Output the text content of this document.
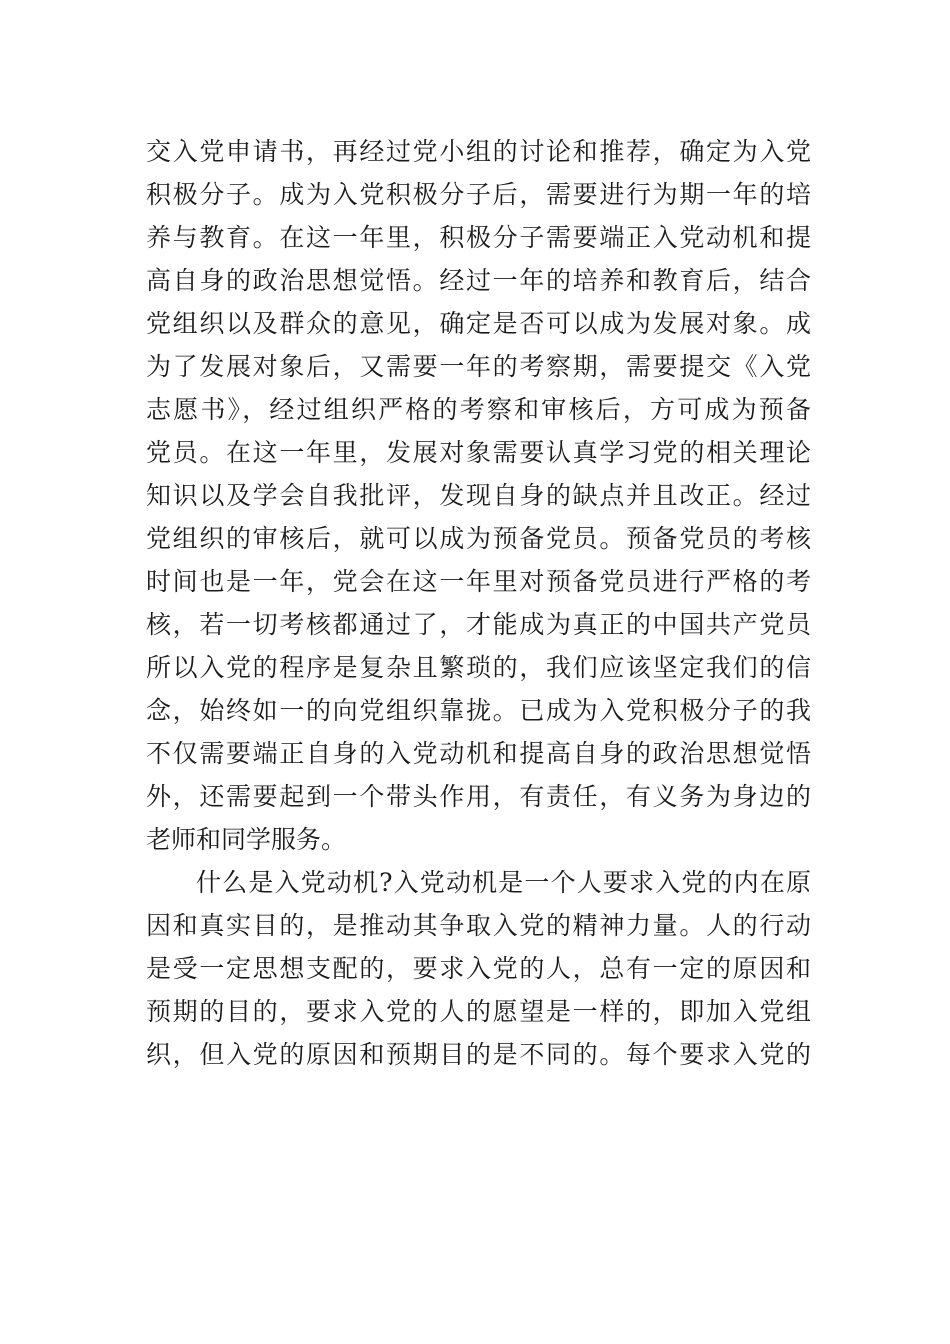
交入党申请书，再经过党小组的讨论和推荐，确定为入党
积极分子。成为入党积极分子后，需要进行为期一年的培
养与教育。在这一年里，积极分子需要端正入党动机和提
高自身的政治思想觉悟。经过一年的培养和教育后，结合
党组织以及群众的意见，确定是否可以成为发展对象。成
为了发展对象后，又需要一年的考察期，需要提交《入党
志愿书》，经过组织严格的考察和审核后，方可成为预备
党员。在这一年里，发展对象需要认真学习党的相关理论
知识以及学会自我批评，发现自身的缺点并且改正。经过
党组织的审核后，就可以成为预备党员。预备党员的考核
时间也是一年，党会在这一年里对预备党员进行严格的考
核，若一切考核都通过了，才能成为真正的中国共产党员
所以入党的程序是复杂且繁琐的，我们应该坚定我们的信
念，始终如一的向党组织靠拢。已成为入党积极分子的我
不仅需要端正自身的入党动机和提高自身的政治思想觉悟
外，还需要起到一个带头作用，有责任，有义务为身边的
老师和同学服务。
什么是入党动机?入党动机是一个人要求入党的内在原
因和真实目的，是推动其争取入党的精神力量。人的行动
是受一定思想支配的，要求入党的人，总有一定的原因和
预期的目的，要求入党的人的愿望是一样的，即加入党组
织，但入党的原因和预期目的是不同的。每个要求入党的
